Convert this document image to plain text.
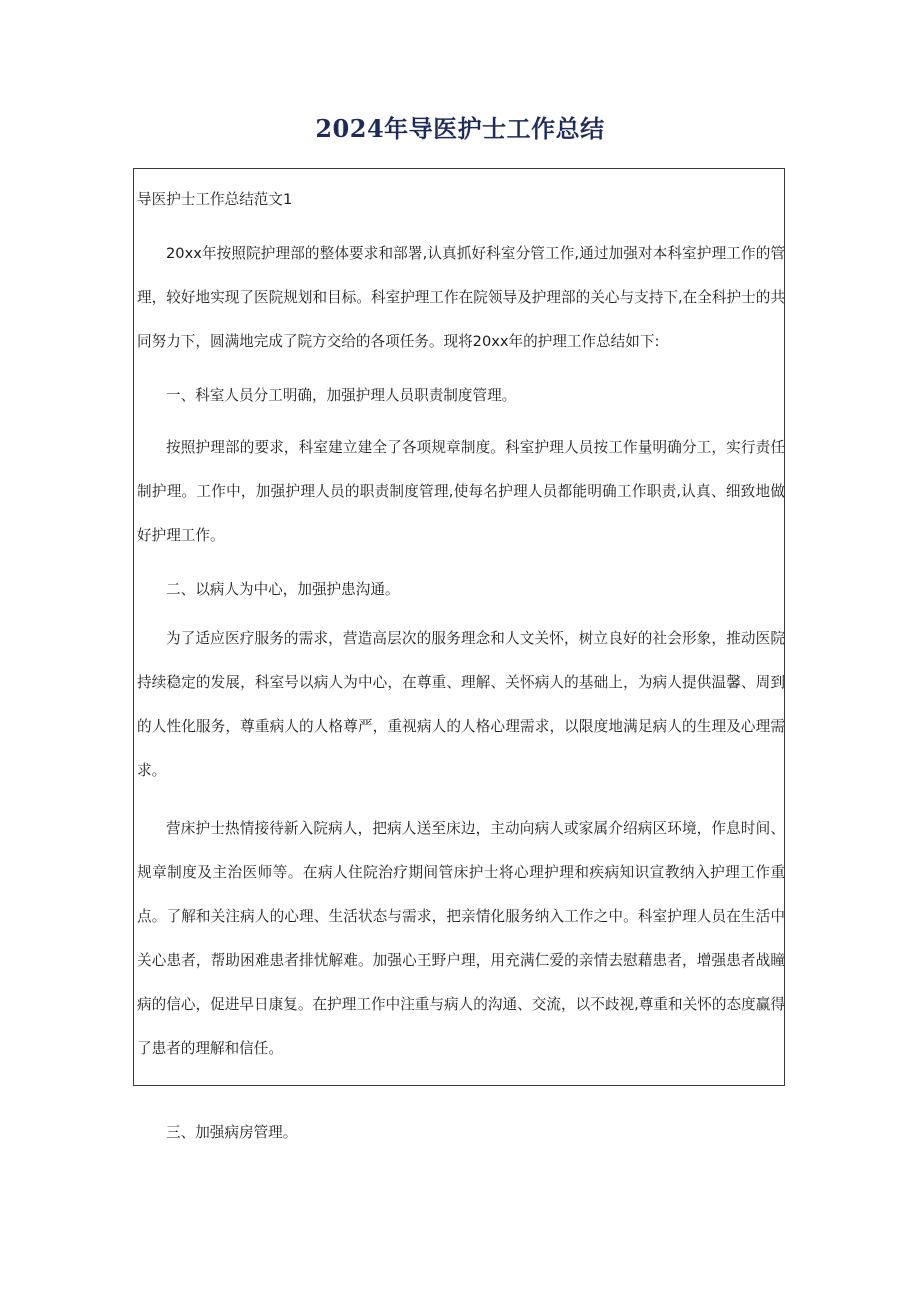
2024年导医护士工作总结

导医护士工作总结范文1

20xx年按照院护理部的整体要求和部署,认真抓好科室分管工作,通过加强对本科室护理工作的管理，较好地实现了医院规划和目标。科室护理工作在院领导及护理部的关心与支持下,在全科护士的共同努力下，圆满地完成了院方交给的各项任务。现将20xx年的护理工作总结如下:

一、科室人员分工明确，加强护理人员职责制度管理。

按照护理部的要求，科室建立建全了各项规章制度。科室护理人员按工作量明确分工，实行责任制护理。工作中，加强护理人员的职责制度管理,使每名护理人员都能明确工作职责,认真、细致地做好护理工作。

二、以病人为中心，加强护患沟通。

为了适应医疗服务的需求，营造高层次的服务理念和人文关怀，树立良好的社会形象，推动医院持续稳定的发展，科室号以病人为中心，在尊重、理解、关怀病人的基础上，为病人提供温馨、周到的人性化服务，尊重病人的人格尊严，重视病人的人格心理需求，以限度地满足病人的生理及心理需求。

营床护士热情接待新入院病人，把病人送至床边，主动向病人或家属介绍病区环境，作息时间、规章制度及主治医师等。在病人住院治疗期间管床护士将心理护理和疾病知识宣教纳入护理工作重点。了解和关注病人的心理、生活状态与需求，把亲情化服务纳入工作之中。科室护理人员在生活中关心患者，帮助困难患者排忧解难。加强心王野户理，用充满仁爱的亲情去慰藉患者，增强患者战瞳病的信心，促进早日康复。在护理工作中注重与病人的沟通、交流，以不歧视,尊重和关怀的态度赢得了患者的理解和信任。

三、加强病房管理。
